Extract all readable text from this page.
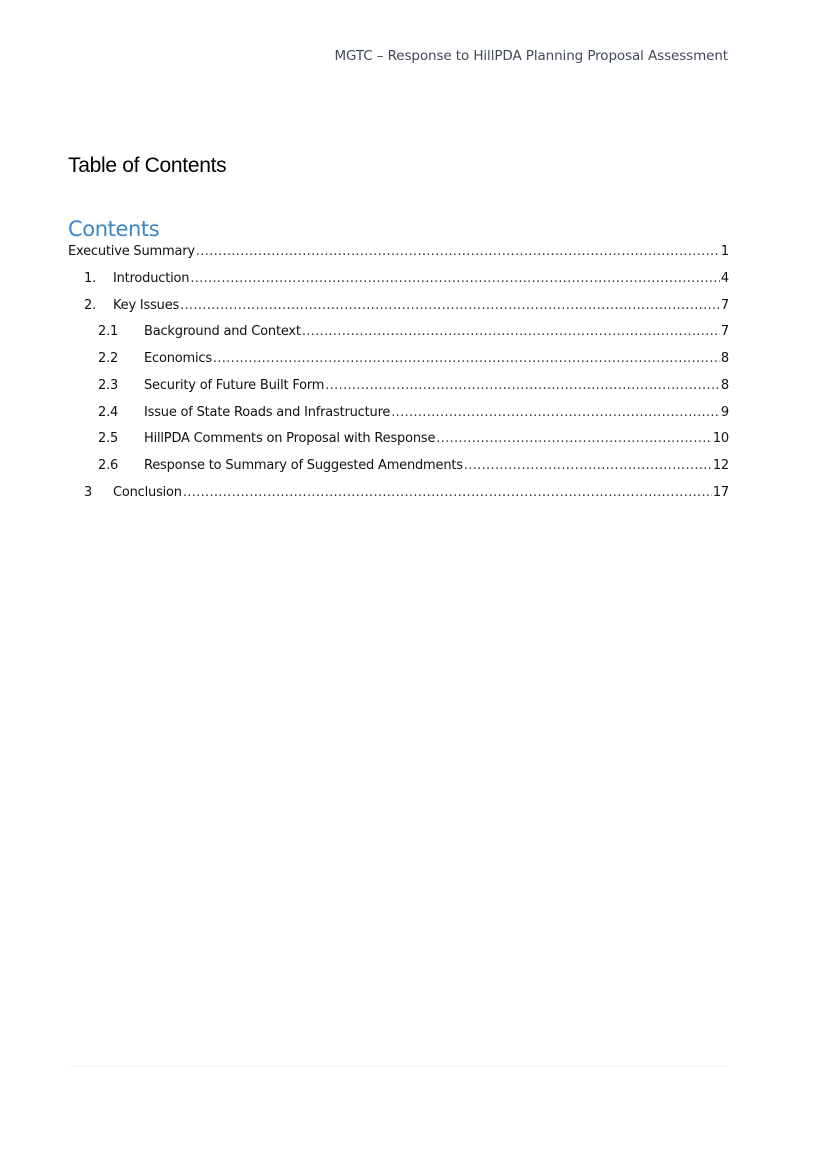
MGTC – Response to HillPDA Planning Proposal Assessment
Table of Contents
Contents
Executive Summary .....	1
1.	Introduction .....	4
2.	Key Issues .....	7
2.1	Background and Context .....	7
2.2	Economics .....	8
2.3	Security of Future Built Form .....	8
2.4	Issue of State Roads and Infrastructure .....	9
2.5	HillPDA Comments on Proposal with Response .....	10
2.6	Response to Summary of Suggested Amendments .....	12
3	Conclusion .....	17
